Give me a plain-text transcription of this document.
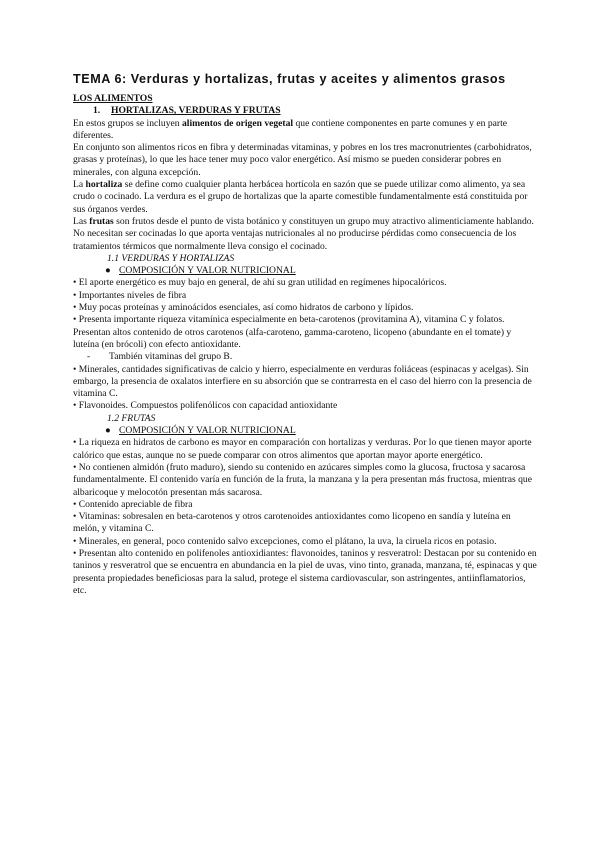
TEMA 6: Verduras y hortalizas, frutas y aceites y alimentos grasos

LOS ALIMENTOS

1. HORTALIZAS, VERDURAS Y FRUTAS

En estos grupos se incluyen alimentos de origen vegetal que contiene componentes en parte comunes y en parte diferentes.

En conjunto son alimentos ricos en fibra y determinadas vitaminas, y pobres en los tres macronutrientes (carbohidratos, grasas y proteínas), lo que les hace tener muy poco valor energético. Así mismo se pueden considerar pobres en minerales, con alguna excepción.

La hortaliza se define como cualquier planta herbácea hortícola en sazón que se puede utilizar como alimento, ya sea crudo o cocinado. La verdura es el grupo de hortalizas que la aparte comestible fundamentalmente está constituida por sus órganos verdes.

Las frutas son frutos desde el punto de vista botánico y constituyen un grupo muy atractivo alimenticiamente hablando. No necesitan ser cocinadas lo que aporta ventajas nutricionales al no producirse pérdidas como consecuencia de los tratamientos térmicos que normalmente lleva consigo el cocinado.

1.1 VERDURAS Y HORTALIZAS

● COMPOSICIÓN Y VALOR NUTRICIONAL

• El aporte energético es muy bajo en general, de ahí su gran utilidad en regímenes hipocalóricos.

• Importantes niveles de fibra

• Muy pocas proteínas y aminoácidos esenciales, así como hidratos de carbono y lípidos.

• Presenta importante riqueza vitamínica especialmente en beta-carotenos (provitamina A), vitamina C y folatos. Presentan altos contenido de otros carotenos (alfa-caroteno, gamma-caroteno, licopeno (abundante en el tomate) y luteína (en brócoli) con efecto antioxidante.

- También vitaminas del grupo B.

• Minerales, cantidades significativas de calcio y hierro, especialmente en verduras foliáceas (espinacas y acelgas). Sin embargo, la presencia de oxalatos interfiere en su absorción que se contrarresta en el caso del hierro con la presencia de vitamina C.

• Flavonoides. Compuestos polifenólicos con capacidad antioxidante

1.2 FRUTAS

● COMPOSICIÓN Y VALOR NUTRICIONAL

• La riqueza en hidratos de carbono es mayor en comparación con hortalizas y verduras. Por lo que tienen mayor aporte calórico que estas, aunque no se puede comparar con otros alimentos que aportan mayor aporte energético.

• No contienen almidón (fruto maduro), siendo su contenido en azúcares simples como la glucosa, fructosa y sacarosa fundamentalmente. El contenido varía en función de la fruta, la manzana y la pera presentan más fructosa, mientras que albaricoque y melocotón presentan más sacarosa.

• Contenido apreciable de fibra

• Vitaminas: sobresalen en beta-carotenos y otros carotenoides antioxidantes como licopeno en sandía y luteína en melón, y vitamina C.

• Minerales, en general, poco contenido salvo excepciones, como el plátano, la uva, la ciruela ricos en potasio.

• Presentan alto contenido en polifenoles antioxidiantes: flavonoides, taninos y resveratrol: Destacan por su contenido en taninos y resveratrol que se encuentra en abundancia en la piel de uvas, vino tinto, granada, manzana, té, espinacas y que presenta propiedades beneficiosas para la salud, protege el sistema cardiovascular, son astringentes, antiinflamatorios, etc.
